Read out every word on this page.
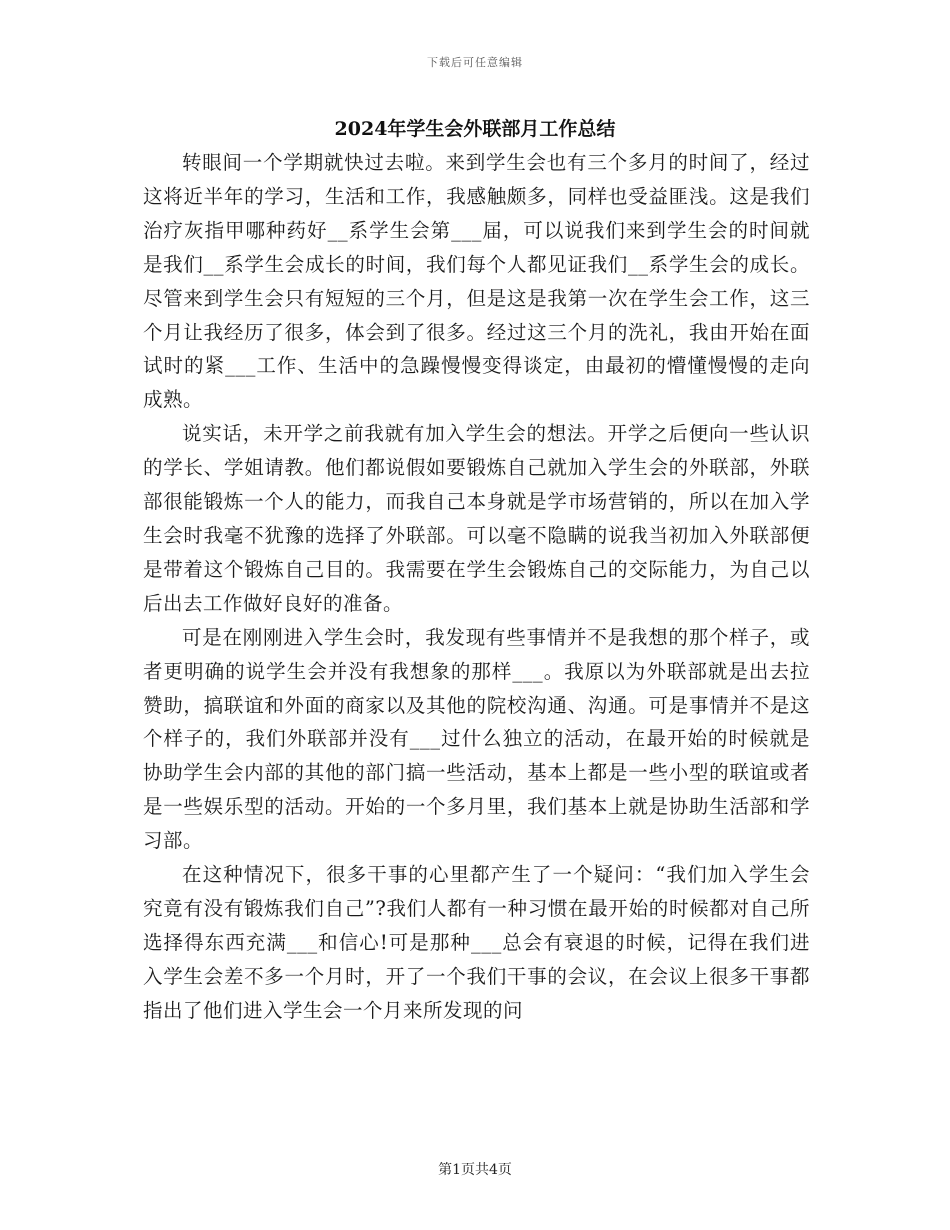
下载后可任意编辑
2024年学生会外联部月工作总结

转眼间一个学期就快过去啦。来到学生会也有三个多月的时间了，经过这将近半年的学习，生活和工作，我感触颇多，同样也受益匪浅。这是我们治疗灰指甲哪种药好__系学生会第___届，可以说我们来到学生会的时间就是我们__系学生会成长的时间，我们每个人都见证我们__系学生会的成长。尽管来到学生会只有短短的三个月，但是这是我第一次在学生会工作，这三个月让我经历了很多，体会到了很多。经过这三个月的洗礼，我由开始在面试时的紧___工作、生活中的急躁慢慢变得谈定，由最初的懵懂慢慢的走向成熟。

说实话，未开学之前我就有加入学生会的想法。开学之后便向一些认识的学长、学姐请教。他们都说假如要锻炼自己就加入学生会的外联部，外联部很能锻炼一个人的能力，而我自己本身就是学市场营销的，所以在加入学生会时我毫不犹豫的选择了外联部。可以毫不隐瞒的说我当初加入外联部便是带着这个锻炼自己目的。我需要在学生会锻炼自己的交际能力，为自己以后出去工作做好良好的准备。

可是在刚刚进入学生会时，我发现有些事情并不是我想的那个样子，或者更明确的说学生会并没有我想象的那样___。我原以为外联部就是出去拉赞助，搞联谊和外面的商家以及其他的院校沟通、沟通。可是事情并不是这个样子的，我们外联部并没有___过什么独立的活动，在最开始的时候就是协助学生会内部的其他的部门搞一些活动，基本上都是一些小型的联谊或者是一些娱乐型的活动。开始的一个多月里，我们基本上就是协助生活部和学习部。

在这种情况下，很多干事的心里都产生了一个疑问：“我们加入学生会究竟有没有锻炼我们自己”?我们人都有一种习惯在最开始的时候都对自己所选择得东西充满___和信心!可是那种___总会有衰退的时候，记得在我们进入学生会差不多一个月时，开了一个我们干事的会议，在会议上很多干事都指出了他们进入学生会一个月来所发现的问

第1页共4页
